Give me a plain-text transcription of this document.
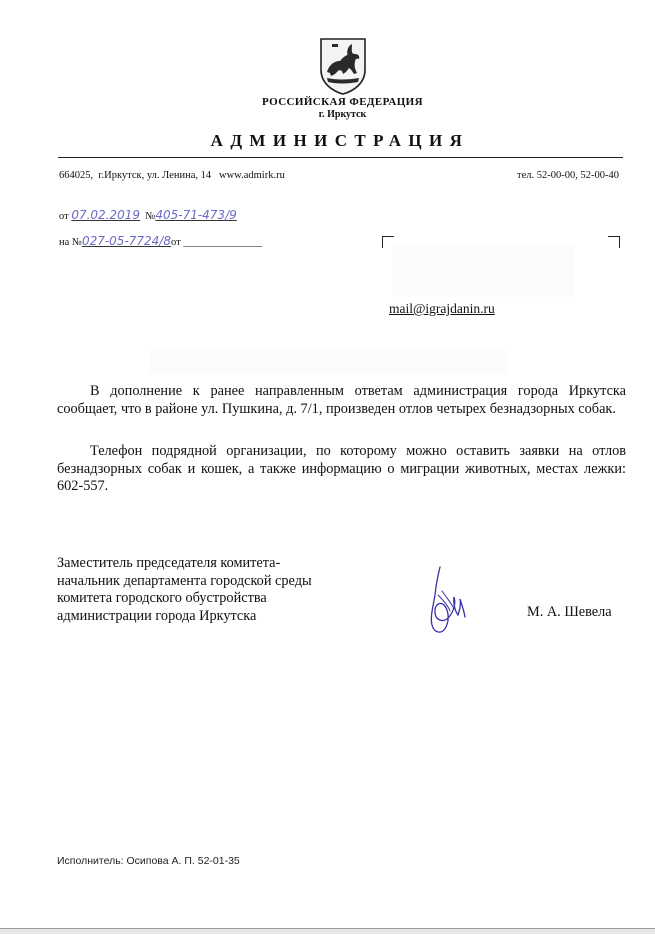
РОССИЙСКАЯ ФЕДЕРАЦИЯ
г. Иркутск
АДМИНИСТРАЦИЯ
664025,  г.Иркутск, ул. Ленина, 14   www.admirk.ru	тел. 52-00-00, 52-00-40
от 07.02.2019 №405-71-473/9
на №027-05-7724/8от _______________
mail@igrajdanin.ru
В дополнение к ранее направленным ответам администрация города Иркутска сообщает, что в районе ул. Пушкина, д. 7/1, произведен отлов четырех безнадзорных собак.
Телефон подрядной организации, по которому можно оставить заявки на отлов безнадзорных собак и кошек, а также информацию о миграции животных, местах лежки: 602-557.
Заместитель председателя комитета-
начальник департамента городской среды
комитета городского обустройства
администрации города Иркутска	М. А. Шевела
Исполнитель: Осипова А. П. 52-01-35
